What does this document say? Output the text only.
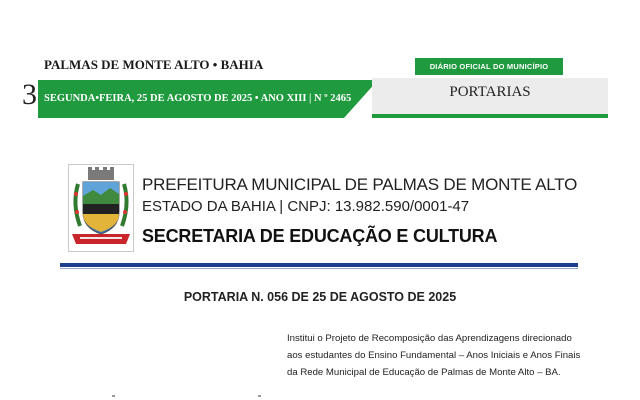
PALMAS DE MONTE ALTO • BAHIA
3 SEGUNDA•FEIRA, 25 DE AGOSTO DE 2025 • ANO XIII | N º 2465
DIÁRIO OFICIAL DO MUNICÍPIO
PORTARIAS
PREFEITURA MUNICIPAL DE PALMAS DE MONTE ALTO
ESTADO DA BAHIA | CNPJ: 13.982.590/0001-47
SECRETARIA DE EDUCAÇÃO E CULTURA
PORTARIA N. 056 DE 25 DE AGOSTO DE 2025
Institui o Projeto de Recomposição das Aprendizagens direcionado
aos estudantes do Ensino Fundamental – Anos Iniciais e Anos Finais
da Rede Municipal de Educação de Palmas de Monte Alto – BA.
